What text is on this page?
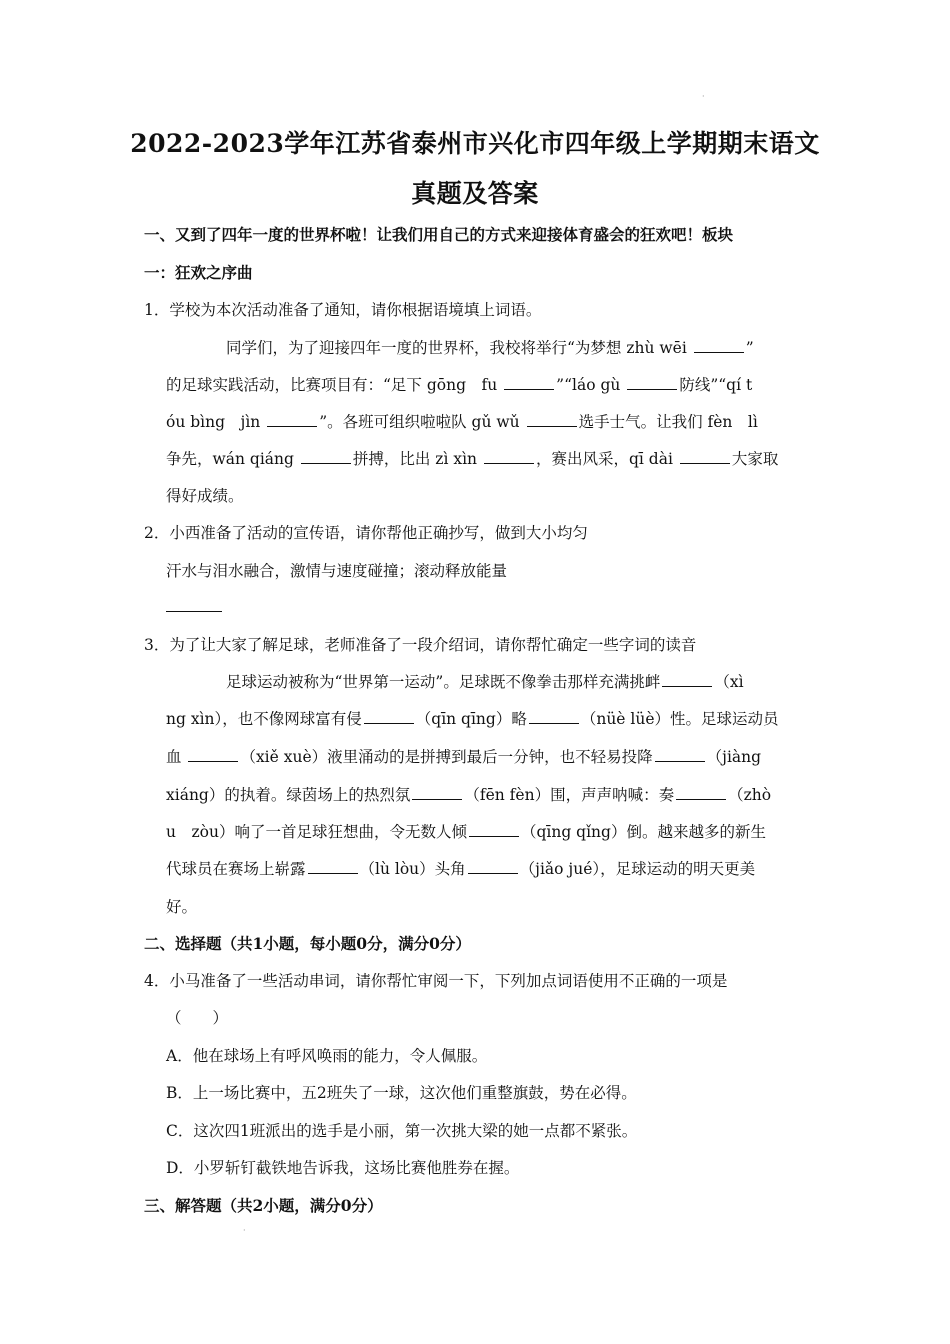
·
2022-2023学年江苏省泰州市兴化市四年级上学期期末语文
真题及答案
一、又到了四年一度的世界杯啦！让我们用自己的方式来迎接体育盛会的狂欢吧！板块
一：狂欢之序曲
1．学校为本次活动准备了通知，请你根据语境填上词语。
同学们，为了迎接四年一度的世界杯，我校将举行“为梦想 zhù wēi	”
的足球实践活动，比赛项目有：“足下 gōng　fu	”“láo gù	防线”“qí t
óu bìng　jìn	”。各班可组织啦啦队 gǔ wǔ	选手士气。让我们 fèn　lì
争先，wán qiáng	拼搏，比出 zì xìn	，赛出风采，qī dài	大家取
得好成绩。
2．小西准备了活动的宣传语，请你帮他正确抄写，做到大小均匀
汗水与泪水融合，激情与速度碰撞；滚动释放能量
3．为了让大家了解足球，老师准备了一段介绍词，请你帮忙确定一些字词的读音
足球运动被称为“世界第一运动”。足球既不像拳击那样充满挑衅	（xì
ng xìn），也不像网球富有侵	（qīn qīng）略	（nüè lüè）性。足球运动员
血	（xiě xuè）液里涌动的是拼搏到最后一分钟，也不轻易投降	（jiàng
xiáng）的执着。绿茵场上的热烈氛	（fēn fèn）围，声声呐喊：奏	（zhò
u　zòu）响了一首足球狂想曲，令无数人倾	（qīng qǐng）倒。越来越多的新生
代球员在赛场上崭露	（lù lòu）头角	（jiǎo jué），足球运动的明天更美
好。
二、选择题（共1小题，每小题0分，满分0分）
4．小马准备了一些活动串词，请你帮忙审阅一下，下列加点词语使用不正确的一项是
（　　）
A．他在球场上有呼风唤雨的能力，令人佩服。
B．上一场比赛中，五2班失了一球，这次他们重整旗鼓，势在必得。
C．这次四1班派出的选手是小丽，第一次挑大梁的她一点都不紧张。
D．小罗斩钉截铁地告诉我，这场比赛他胜券在握。
三、解答题（共2小题，满分0分）
·
